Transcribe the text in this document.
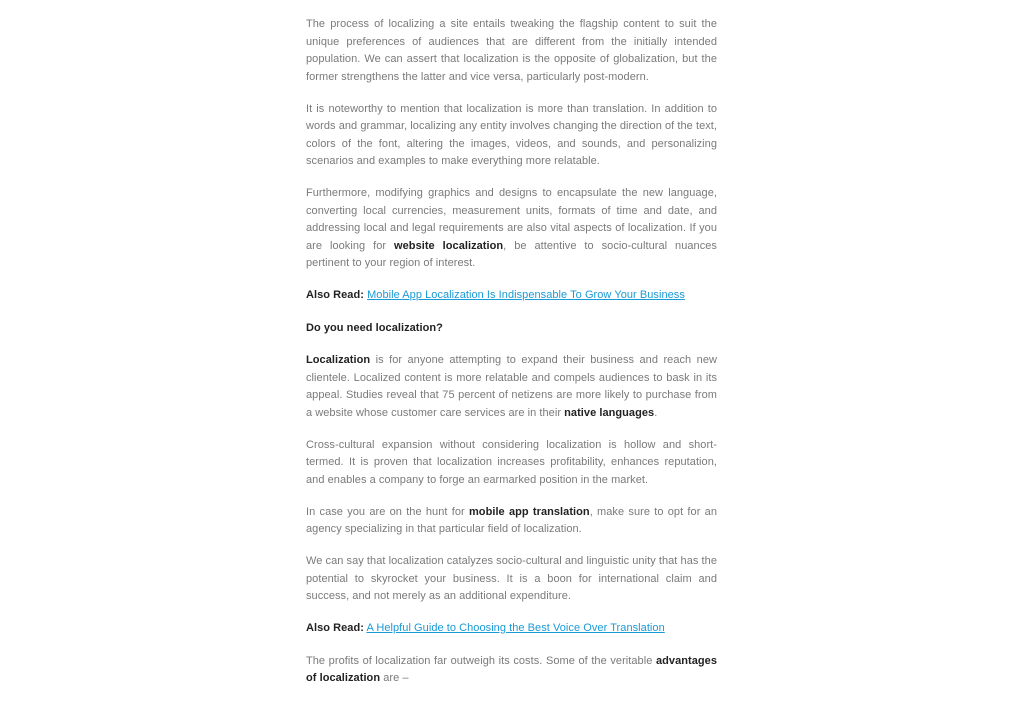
The process of localizing a site entails tweaking the flagship content to suit the unique preferences of audiences that are different from the initially intended population. We can assert that localization is the opposite of globalization, but the former strengthens the latter and vice versa, particularly post-modern.

It is noteworthy to mention that localization is more than translation. In addition to words and grammar, localizing any entity involves changing the direction of the text, colors of the font, altering the images, videos, and sounds, and personalizing scenarios and examples to make everything more relatable.

Furthermore, modifying graphics and designs to encapsulate the new language, converting local currencies, measurement units, formats of time and date, and addressing local and legal requirements are also vital aspects of localization. If you are looking for website localization, be attentive to socio-cultural nuances pertinent to your region of interest.

Also Read: Mobile App Localization Is Indispensable To Grow Your Business

Do you need localization?

Localization is for anyone attempting to expand their business and reach new clientele. Localized content is more relatable and compels audiences to bask in its appeal. Studies reveal that 75 percent of netizens are more likely to purchase from a website whose customer care services are in their native languages.

Cross-cultural expansion without considering localization is hollow and short-termed. It is proven that localization increases profitability, enhances reputation, and enables a company to forge an earmarked position in the market.

In case you are on the hunt for mobile app translation, make sure to opt for an agency specializing in that particular field of localization.

We can say that localization catalyzes socio-cultural and linguistic unity that has the potential to skyrocket your business. It is a boon for international claim and success, and not merely as an additional expenditure.

Also Read: A Helpful Guide to Choosing the Best Voice Over Translation

The profits of localization far outweigh its costs. Some of the veritable advantages of localization are –
